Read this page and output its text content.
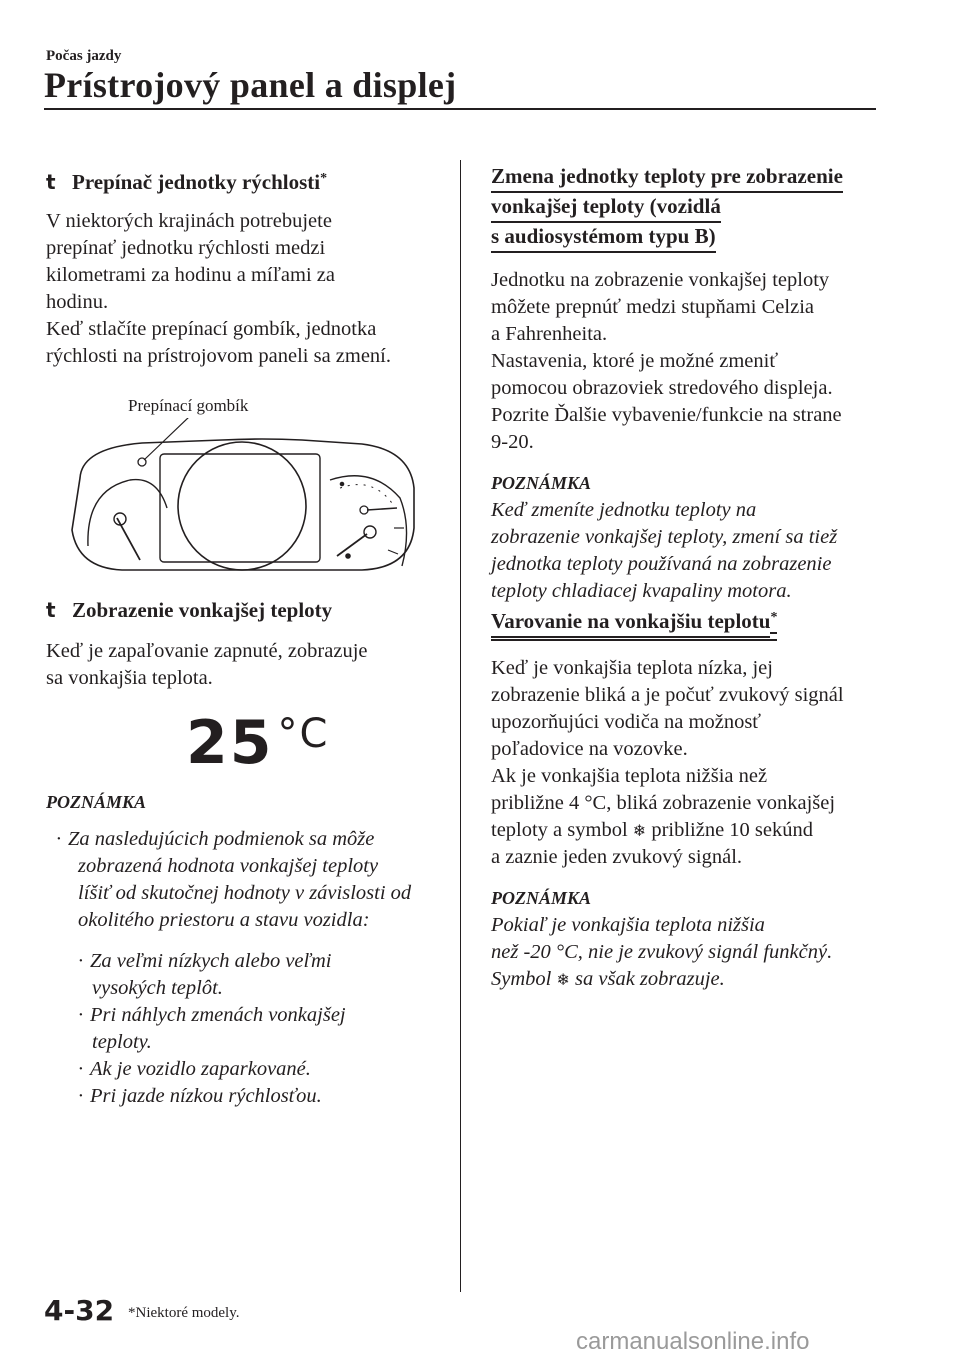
Počas jazdy
Prístrojový panel a displej

t Prepínač jednotky rýchlosti*

V niektorých krajinách potrebujete

prepínať jednotku rýchlosti medzi

kilometrami za hodinu a míľami za

hodinu.

Keď stlačíte prepínací gombík, jednotka

rýchlosti na prístrojovom paneli sa zmení.

Prepínací gombík

t Zobrazenie vonkajšej teploty

Keď je zapaľovanie zapnuté, zobrazuje

sa vonkajšia teplota.

25 $^{^\circ C}$

POZNÁMKA

· Za nasledujúcich podmienok sa môže

zobrazená hodnota vonkajšej teploty

líšiť od skutočnej hodnoty v závislosti od

okolitého priestoru a stavu vozidla:

· Za veľmi nízkych alebo veľmi

vysokých teplôt.

· Pri náhlych zmenách vonkajšej

teploty.

· Ak je vozidlo zaparkované.

· Pri jazde nízkou rýchlosťou.

Zmena jednotky teploty pre zobrazenie

vonkajšej teploty (vozidlá

s audiosystémom typu B)

Jednotku na zobrazenie vonkajšej teploty

môžete prepnúť medzi stupňami Celzia

a Fahrenheita.

Nastavenia, ktoré je možné zmeniť

pomocou obrazoviek stredového displeja.

Pozrite Ďalšie vybavenie/funkcie na strane

9-20.

POZNÁMKA

Keď zmeníte jednotku teploty na

zobrazenie vonkajšej teploty, zmení sa tiež

jednotka teploty používaná na zobrazenie

teploty chladiacej kvapaliny motora.

Varovanie na vonkajšiu teplotu*

Keď je vonkajšia teplota nízka, jej

zobrazenie bliká a je počuť zvukový signál

upozorňujúci vodiča na možnosť

poľadovice na vozovke.

Ak je vonkajšia teplota nižšia než

približne 4 °C, bliká zobrazenie vonkajšej

teploty a symbol ❄ približne 10 sekúnd

a zaznie jeden zvukový signál.

POZNÁMKA

Pokiaľ je vonkajšia teplota nižšia

než -20 °C, nie je zvukový signál funkčný.

Symbol ❄ sa však zobrazuje.

4-32 *Niektoré modely.
carmanualsonline.info
